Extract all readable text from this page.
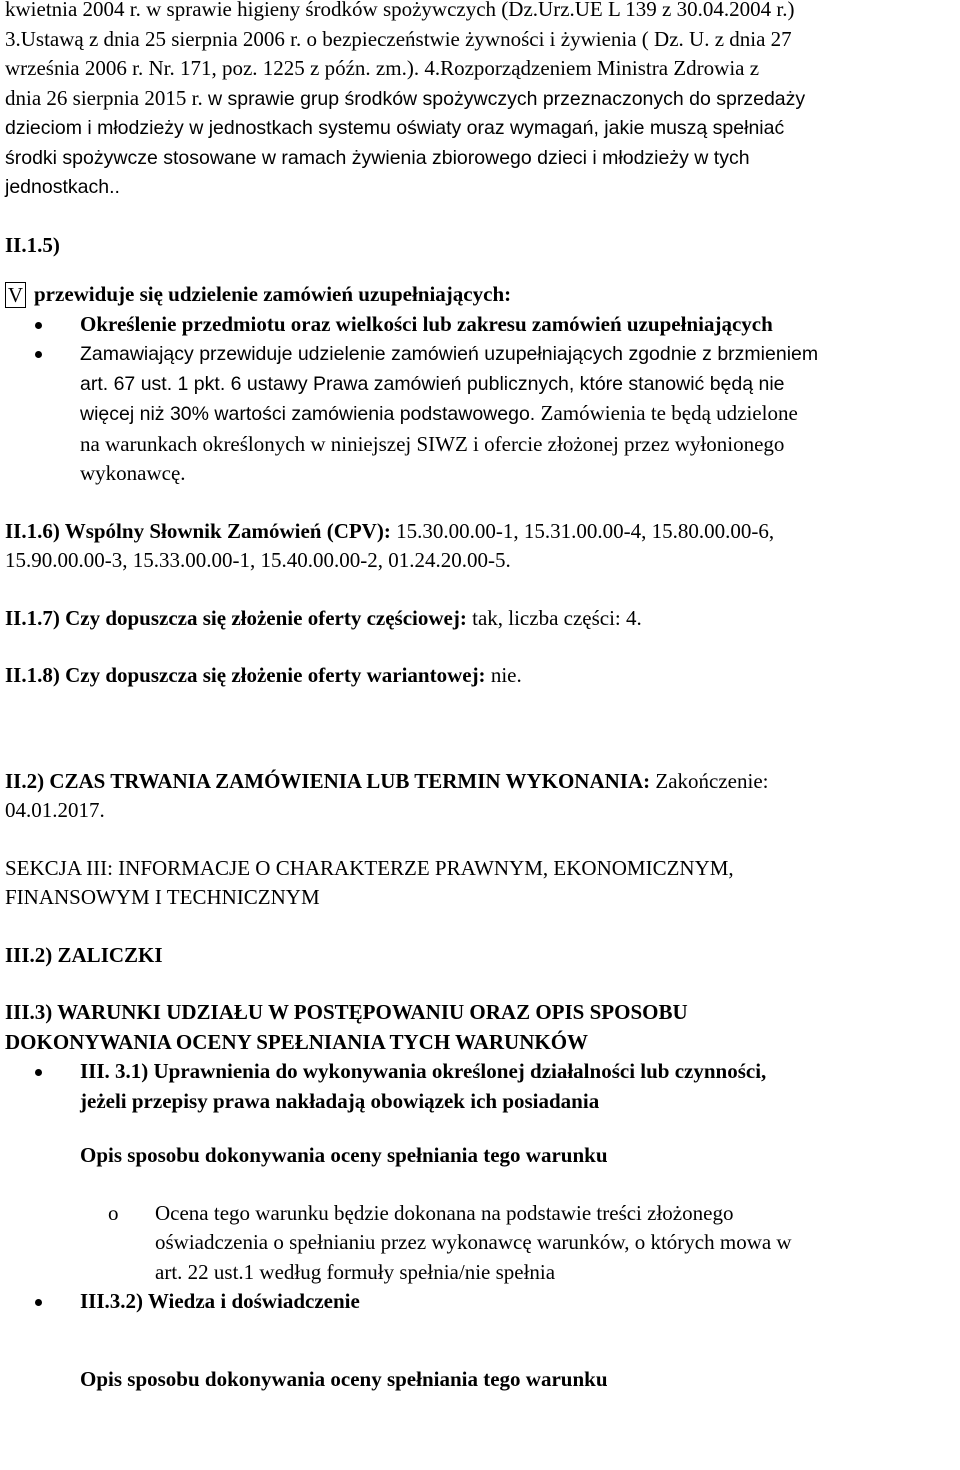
kwietnia 2004 r. w sprawie higieny środków spożywczych (Dz.Urz.UE L 139 z 30.04.2004 r.)

3.Ustawą z dnia 25 sierpnia 2006 r. o bezpieczeństwie żywności i żywienia ( Dz. U. z dnia 27

września 2006 r. Nr. 171, poz. 1225 z późn. zm.). 4.Rozporządzeniem Ministra Zdrowia z

dnia 26 sierpnia 2015 r. w sprawie grup środków spożywczych przeznaczonych do sprzedaży

dzieciom i młodzieży w jednostkach systemu oświaty oraz wymagań, jakie muszą spełniać

środki spożywcze stosowane w ramach żywienia zbiorowego dzieci i młodzieży w tych

jednostkach..

II.1.5)

V przewiduje się udzielenie zamówień uzupełniających:

Określenie przedmiotu oraz wielkości lub zakresu zamówień uzupełniających
Zamawiający przewiduje udzielenie zamówień uzupełniających zgodnie z brzmieniem

art. 67 ust. 1 pkt. 6 ustawy Prawa zamówień publicznych, które stanowić będą nie

więcej niż 30% wartości zamówienia podstawowego. Zamówienia te będą udzielone

na warunkach określonych w niniejszej SIWZ i ofercie złożonej przez wyłonionego

wykonawcę.

II.1.6) Wspólny Słownik Zamówień (CPV): 15.30.00.00-1, 15.31.00.00-4, 15.80.00.00-6,

15.90.00.00-3, 15.33.00.00-1, 15.40.00.00-2, 01.24.20.00-5.

II.1.7) Czy dopuszcza się złożenie oferty częściowej: tak, liczba części: 4.

II.1.8) Czy dopuszcza się złożenie oferty wariantowej: nie.

II.2) CZAS TRWANIA ZAMÓWIENIA LUB TERMIN WYKONANIA: Zakończenie:

04.01.2017.

SEKCJA III: INFORMACJE O CHARAKTERZE PRAWNYM, EKONOMICZNYM,

FINANSOWYM I TECHNICZNYM

III.2) ZALICZKI

III.3) WARUNKI UDZIAŁU W POSTĘPOWANIU ORAZ OPIS SPOSOBU

DOKONYWANIA OCENY SPEŁNIANIA TYCH WARUNKÓW

III. 3.1) Uprawnienia do wykonywania określonej działalności lub czynności,

jeżeli przepisy prawa nakładają obowiązek ich posiadania

Opis sposobu dokonywania oceny spełniania tego warunku

o Ocena tego warunku będzie dokonana na podstawie treści złożonego

oświadczenia o spełnianiu przez wykonawcę warunków, o których mowa w

art. 22 ust.1 według formuły spełnia/nie spełnia

III.3.2) Wiedza i doświadczenie

Opis sposobu dokonywania oceny spełniania tego warunku
